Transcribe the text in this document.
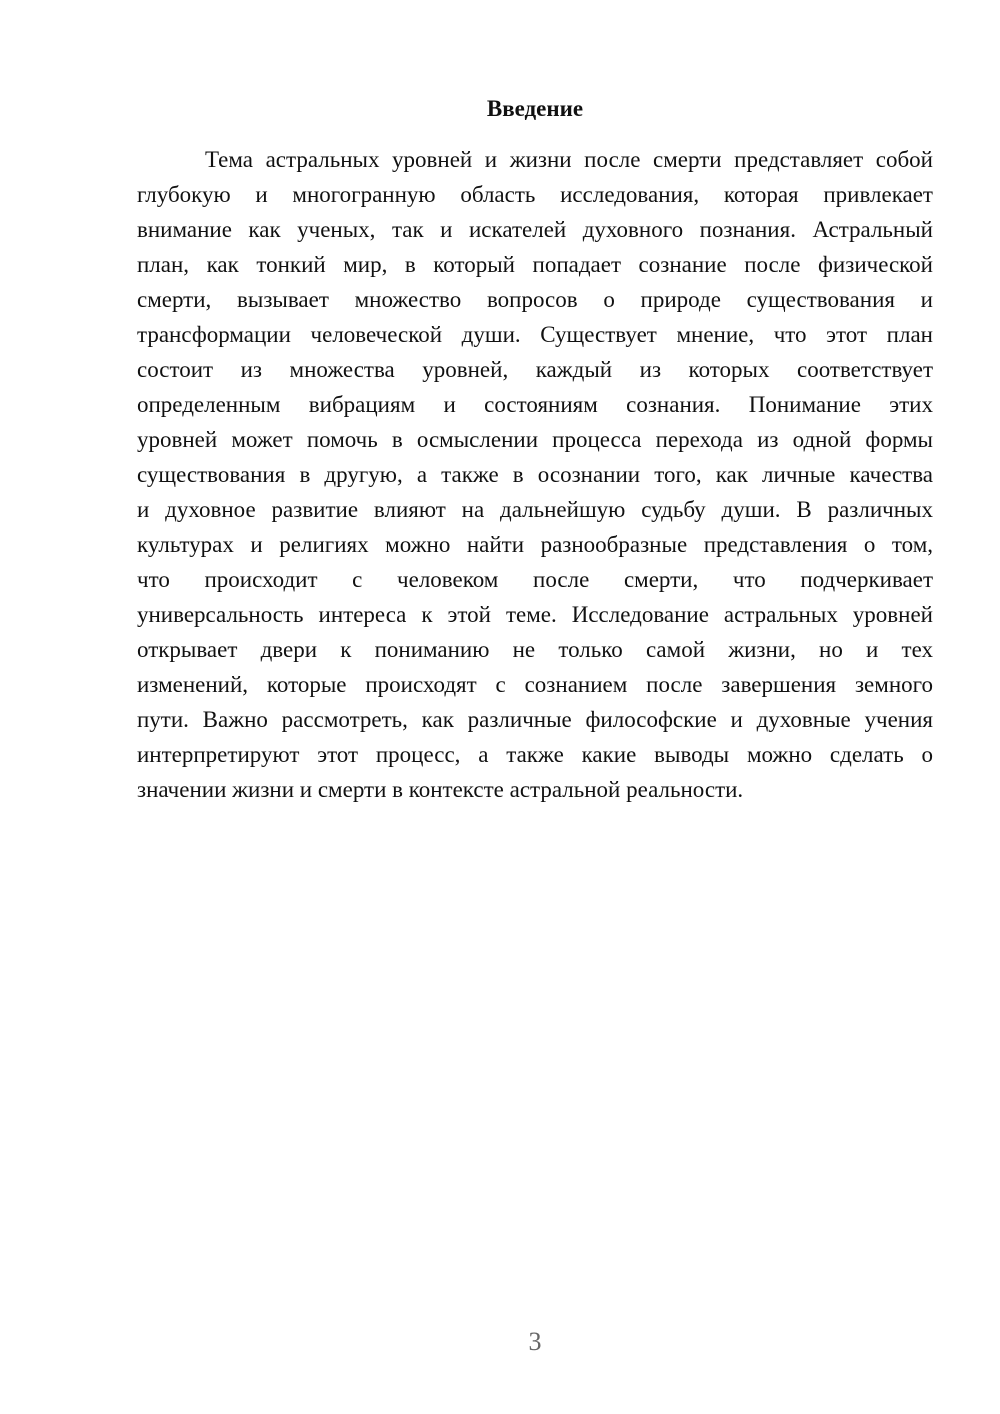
Введение
Тема астральных уровней и жизни после смерти представляет собой
глубокую и многогранную область исследования, которая привлекает
внимание как ученых, так и искателей духовного познания. Астральный
план, как тонкий мир, в который попадает сознание после физической
смерти, вызывает множество вопросов о природе существования и
трансформации человеческой души. Существует мнение, что этот план
состоит из множества уровней, каждый из которых соответствует
определенным вибрациям и состояниям сознания. Понимание этих
уровней может помочь в осмыслении процесса перехода из одной формы
существования в другую, а также в осознании того, как личные качества
и духовное развитие влияют на дальнейшую судьбу души. В различных
культурах и религиях можно найти разнообразные представления о том,
что происходит с человеком после смерти, что подчеркивает
универсальность интереса к этой теме. Исследование астральных уровней
открывает двери к пониманию не только самой жизни, но и тех
изменений, которые происходят с сознанием после завершения земного
пути. Важно рассмотреть, как различные философские и духовные учения
интерпретируют этот процесс, а также какие выводы можно сделать о
значении жизни и смерти в контексте астральной реальности.
3
